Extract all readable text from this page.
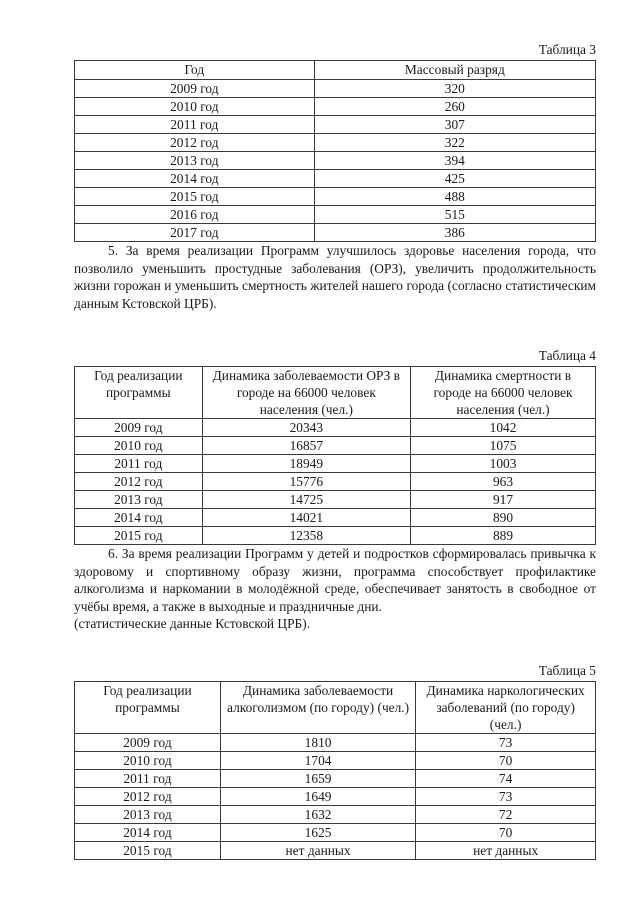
Таблица 3
Год	Массовый разряд
2009 год	320
2010 год	260
2011 год	307
2012 год	322
2013 год	394
2014 год	425
2015 год	488
2016 год	515
2017 год	386

5. За время реализации Программ улучшилось здоровье населения города, что позволило уменьшить простудные заболевания (ОРЗ), увеличить продолжительность жизни горожан и уменьшить смертность жителей нашего города (согласно статистическим данным Кстовской ЦРБ).

Таблица 4
Год реализации программы	Динамика заболеваемости ОРЗ в городе на 66000 человек населения (чел.)	Динамика смертности в городе на 66000 человек населения (чел.)
2009 год	20343	1042
2010 год	16857	1075
2011 год	18949	1003
2012 год	15776	963
2013 год	14725	917
2014 год	14021	890
2015 год	12358	889

6. За время реализации Программ у детей и подростков сформировалась привычка к здоровому и спортивному образу жизни, программа способствует профилактике алкоголизма и наркомании в молодёжной среде, обеспечивает занятость в свободное от учёбы время, а также в выходные и праздничные дни.

(статистические данные Кстовской ЦРБ).

Таблица 5
Год реализации программы	Динамика заболеваемости алкоголизмом (по городу) (чел.)	Динамика наркологических заболеваний (по городу) (чел.)
2009 год	1810	73
2010 год	1704	70
2011 год	1659	74
2012 год	1649	73
2013 год	1632	72
2014 год	1625	70
2015 год	нет данных	нет данных
